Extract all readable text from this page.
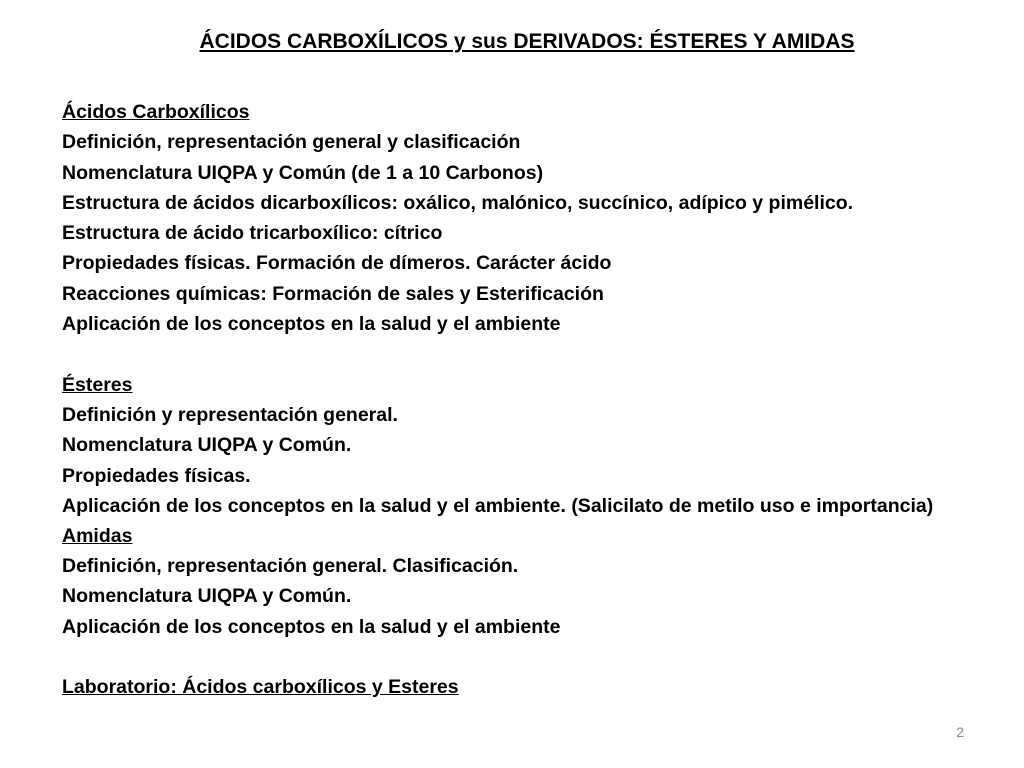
ÁCIDOS CARBOXÍLICOS y sus DERIVADOS: ÉSTERES Y AMIDAS
Ácidos Carboxílicos
Definición, representación general y clasificación
Nomenclatura UIQPA y Común (de 1 a 10 Carbonos)
Estructura de ácidos dicarboxílicos: oxálico, malónico, succínico, adípico y pimélico.
Estructura de ácido tricarboxílico: cítrico
Propiedades físicas. Formación de dímeros. Carácter ácido
Reacciones químicas: Formación de sales y Esterificación
Aplicación de los conceptos en la salud y el ambiente
Ésteres
Definición y representación general.
Nomenclatura UIQPA y Común.
Propiedades físicas.
Aplicación de los conceptos en la salud y el ambiente. (Salicilato de metilo uso e importancia)
Amidas
Definición, representación general. Clasificación.
Nomenclatura UIQPA y Común.
Aplicación de los conceptos en la salud y el ambiente
Laboratorio: Ácidos carboxílicos y Esteres
2
